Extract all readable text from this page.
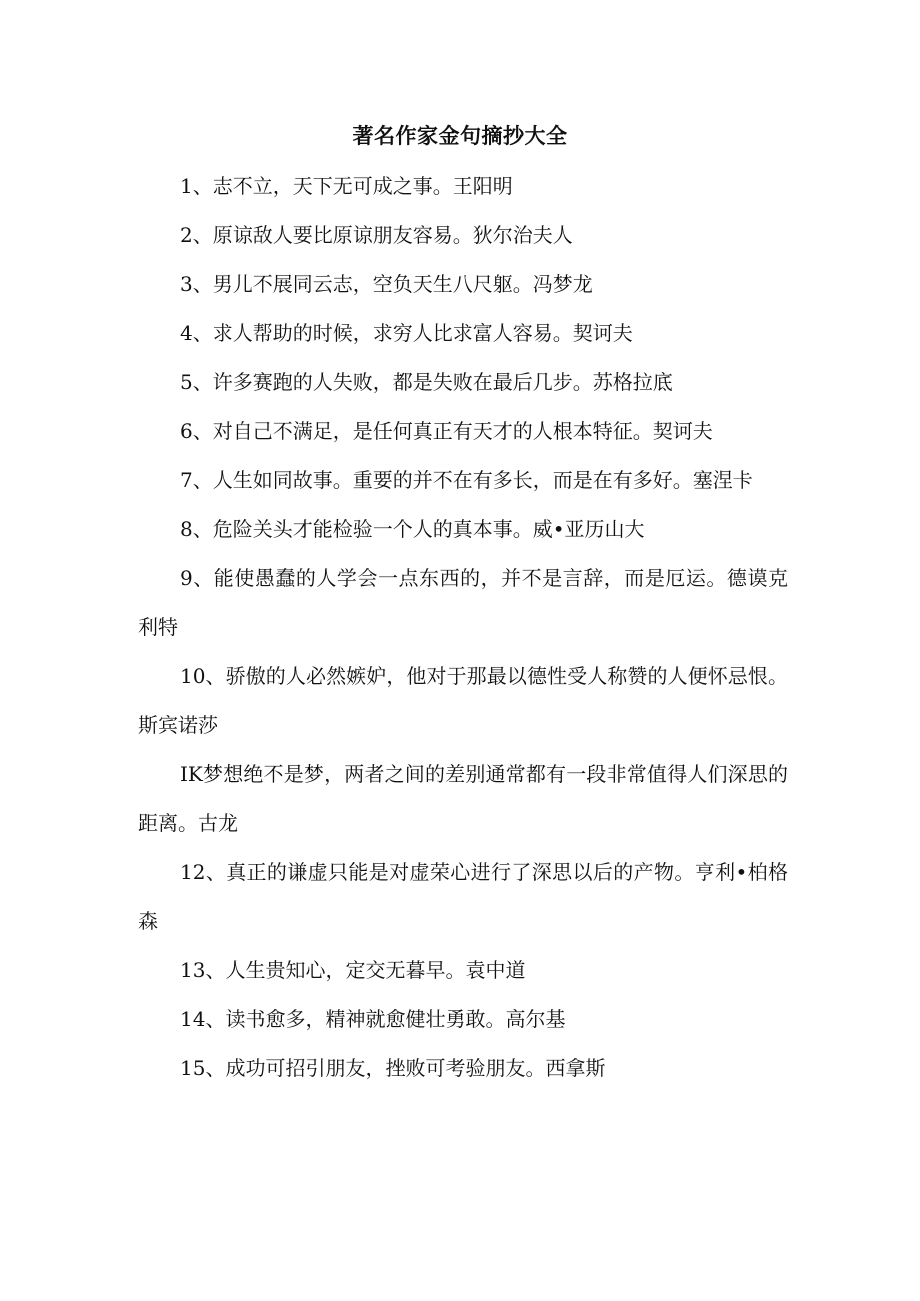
著名作家金句摘抄大全
1、志不立，天下无可成之事。王阳明
2、原谅敌人要比原谅朋友容易。狄尔治夫人
3、男儿不展同云志，空负天生八尺躯。冯梦龙
4、求人帮助的时候，求穷人比求富人容易。契诃夫
5、许多赛跑的人失败，都是失败在最后几步。苏格拉底
6、对自己不满足，是任何真正有天才的人根本特征。契诃夫
7、人生如同故事。重要的并不在有多长，而是在有多好。塞涅卡
8、危险关头才能检验一个人的真本事。威•亚历山大
9、能使愚蠢的人学会一点东西的，并不是言辞，而是厄运。德谟克利特
10、骄傲的人必然嫉妒，他对于那最以德性受人称赞的人便怀忌恨。斯宾诺莎
IK梦想绝不是梦，两者之间的差别通常都有一段非常值得人们深思的距离。古龙
12、真正的谦虚只能是对虚荣心进行了深思以后的产物。亨利•柏格森
13、人生贵知心，定交无暮早。袁中道
14、读书愈多，精神就愈健壮勇敢。高尔基
15、成功可招引朋友，挫败可考验朋友。西拿斯
